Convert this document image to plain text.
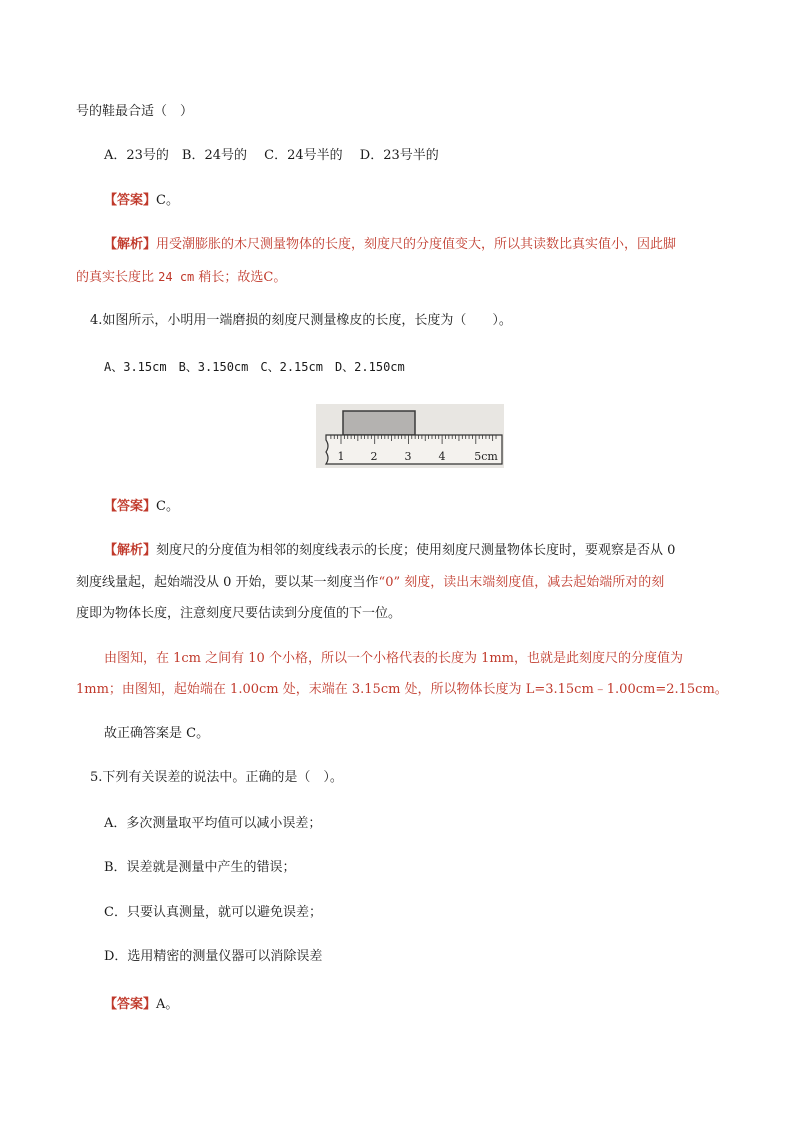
号的鞋最合适（　）
A．23号的　B．24号的　 C．24号半的　 D．23号半的
【答案】C。
【解析】用受潮膨胀的木尺测量物体的长度，刻度尺的分度值变大，所以其读数比真实值小，因此脚
的真实长度比 24 cm 稍长；故选C。
4.如图所示，小明用一端磨损的刻度尺测量橡皮的长度，长度为（　　）。
A、3.15cm　B、3.150cm　C、2.15cm　D、2.150cm
1 2 3 4	5cm
【答案】C。
【解析】刻度尺的分度值为相邻的刻度线表示的长度；使用刻度尺测量物体长度时，要观察是否从 0
刻度线量起，起始端没从 0 开始，要以某一刻度当作“0” 刻度，读出末端刻度值，减去起始端所对的刻
度即为物体长度，注意刻度尺要估读到分度值的下一位。
由图知，在 1cm 之间有 10 个小格，所以一个小格代表的长度为 1mm，也就是此刻度尺的分度值为
1mm；由图知，起始端在 1.00cm 处，末端在 3.15cm 处，所以物体长度为 L=3.15cm﹣1.00cm=2.15cm。
故正确答案是 C。
5.下列有关误差的说法中。正确的是（　）。
A．多次测量取平均值可以减小误差；
B．误差就是测量中产生的错误；
C．只要认真测量，就可以避免误差；
D．选用精密的测量仪器可以消除误差
【答案】A。
